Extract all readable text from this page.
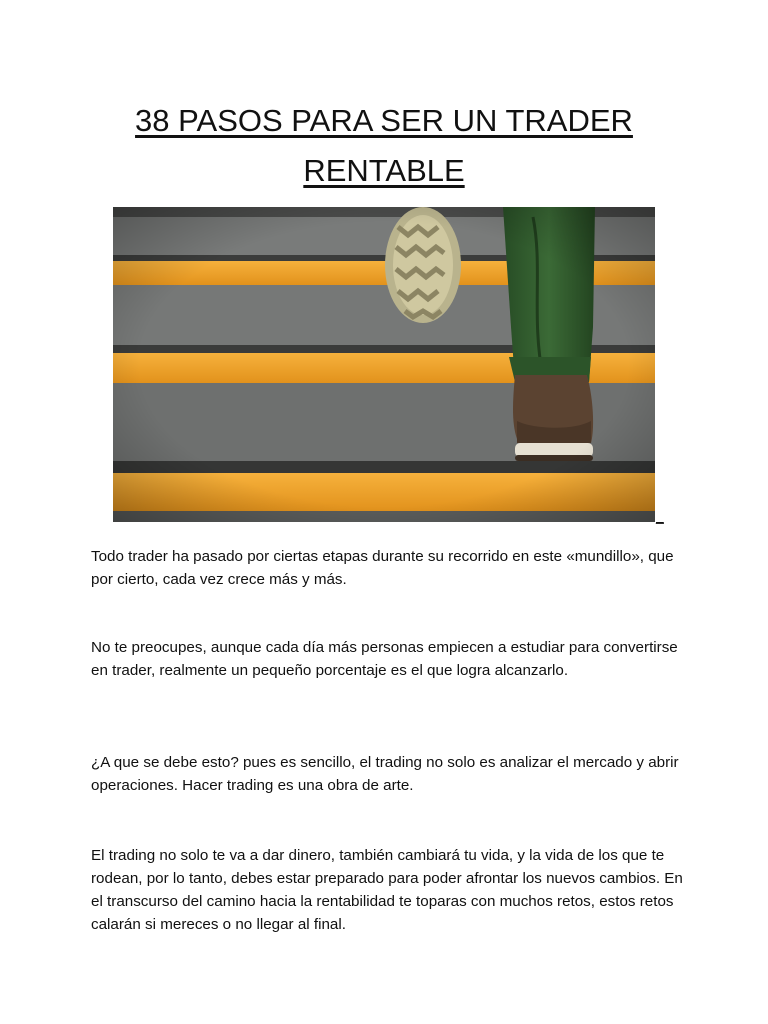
38 PASOS PARA SER UN TRADER
RENTABLE
_

Todo trader ha pasado por ciertas etapas durante su recorrido en este «mundillo», que por cierto, cada vez crece más y más.

No te preocupes, aunque cada día más personas empiecen a estudiar para convertirse en trader, realmente un pequeño porcentaje es el que logra alcanzarlo.

¿A que se debe esto? pues es sencillo, el trading no solo es analizar el mercado y abrir operaciones. Hacer trading es una obra de arte.

El trading no solo te va a dar dinero, también cambiará tu vida, y la vida de los que te rodean, por lo tanto, debes estar preparado para poder afrontar los nuevos cambios. En el transcurso del camino hacia la rentabilidad te toparas con muchos retos, estos retos calarán si mereces o no llegar al final.
